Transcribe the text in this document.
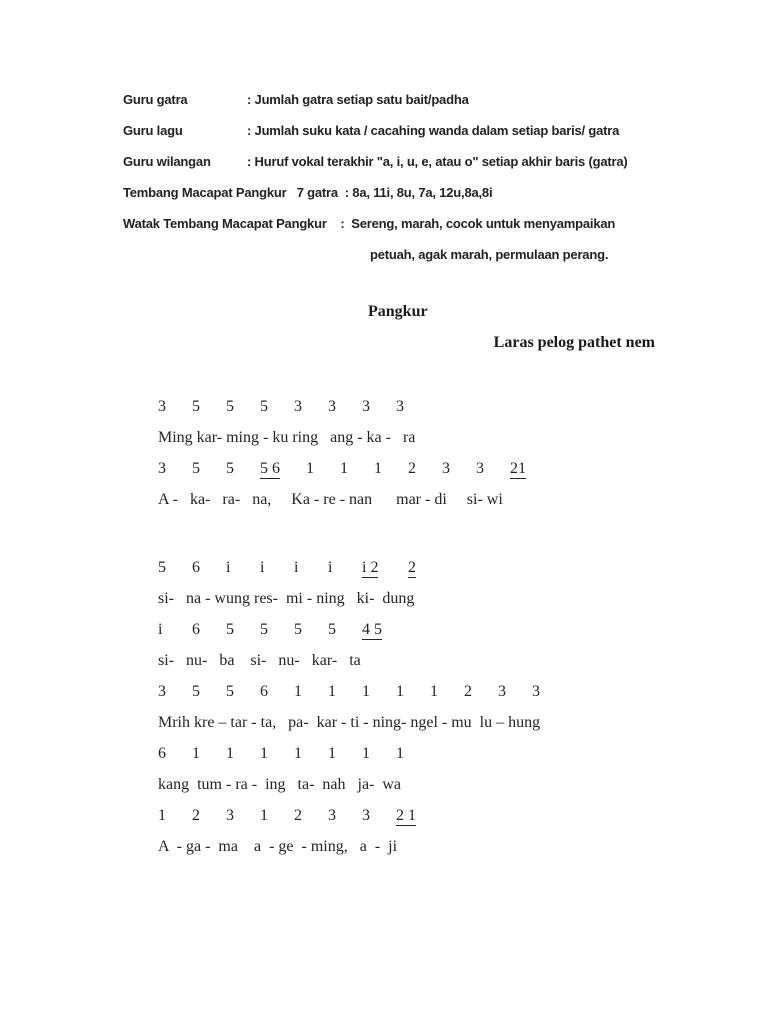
Guru gatra	: Jumlah gatra setiap satu bait/padha
Guru lagu	: Jumlah suku kata / cacahing wanda dalam setiap baris/ gatra
Guru wilangan	: Huruf vokal terakhir "a, i, u, e, atau o" setiap akhir baris (gatra)
Tembang Macapat Pangkur   7 gatra  : 8a, 11i, 8u, 7a, 12u,8a,8i
Watak Tembang Macapat Pangkur    :  Sereng, marah, cocok untuk menyampaikan
petuah, agak marah, permulaan perang.
Pangkur
Laras pelog pathet nem
3 5 5 5 3 3 3 3
Ming kar- ming - ku ring   ang - ka -   ra
3 5 5 5 6 1 1 1 2 3 3 21
A -   ka-   ra-   na,     Ka - re - nan      mar - di     si- wi
5 6 i i i i i 2 2
si-   na - wung res-  mi - ning   ki-  dung
i 6 5 5 5 5 4 5
si-   nu-   ba    si-   nu-   kar-   ta
3 5 5 6 1 1 1 1 1 2 3 3
Mrih kre – tar - ta,   pa-  kar - ti - ning- ngel - mu  lu – hung
6 1 1 1 1 1 1 1
kang  tum - ra -  ing   ta-  nah   ja-  wa
1 2 3 1 2 3 3 2 1
A  - ga -  ma    a  - ge  - ming,   a  -  ji
